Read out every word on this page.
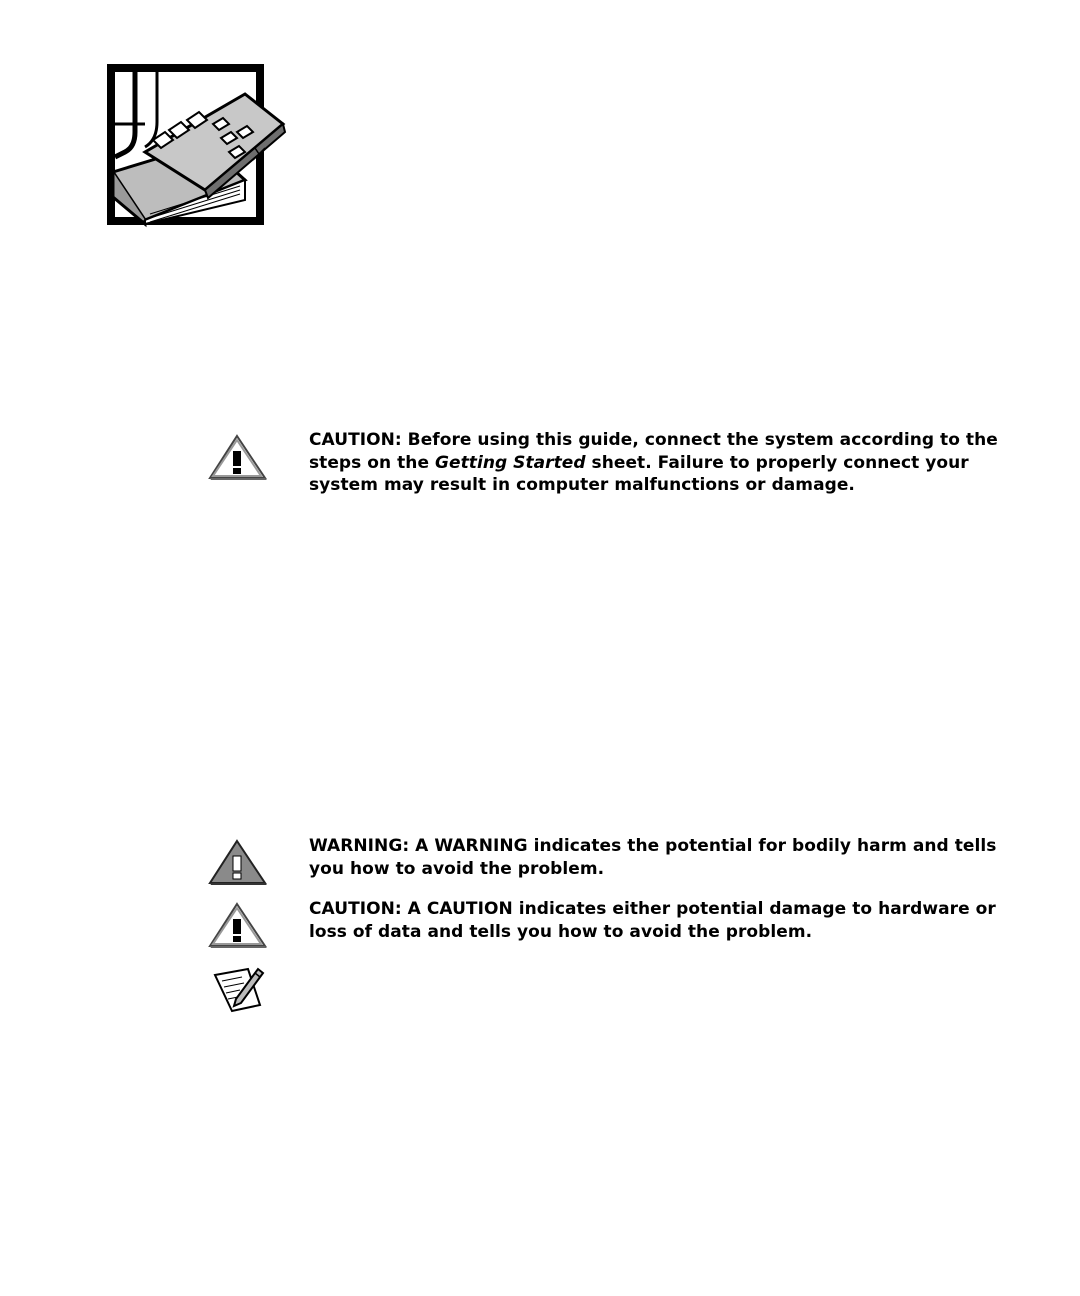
CAUTION: Before using this guide, connect the system according to the steps on the Getting Started sheet. Failure to properly connect your system may result in computer malfunctions or damage.

WARNING: A WARNING indicates the potential for bodily harm and tells you how to avoid the problem.

CAUTION: A CAUTION indicates either potential damage to hardware or loss of data and tells you how to avoid the problem.
